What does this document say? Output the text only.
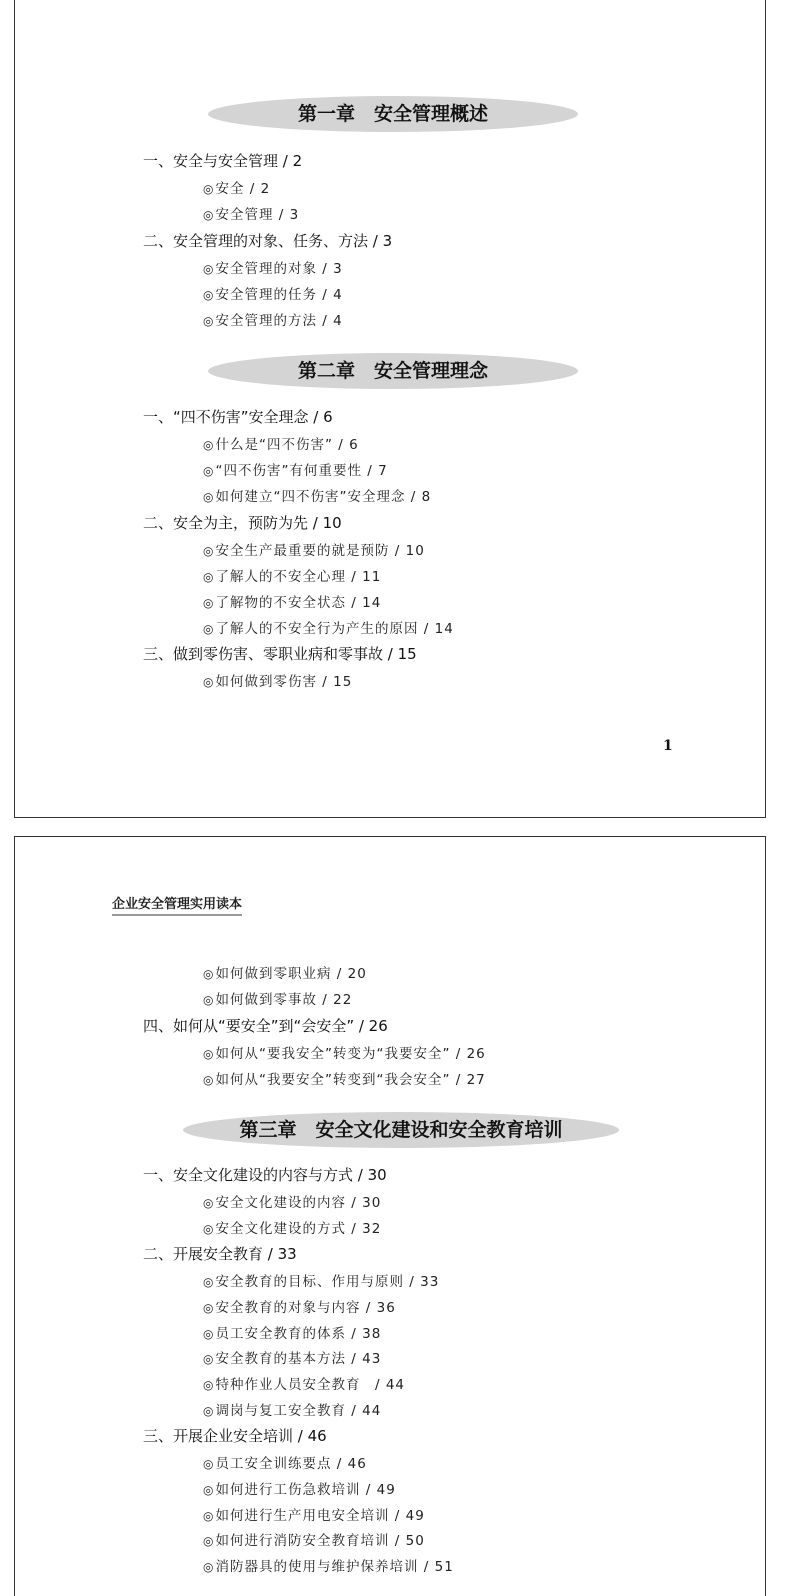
第一章　安全管理概述
一、安全与安全管理 / 2
◎安全 / 2
◎安全管理 / 3
二、安全管理的对象、任务、方法 / 3
◎安全管理的对象 / 3
◎安全管理的任务 / 4
◎安全管理的方法 / 4
第二章　安全管理理念
一、“四不伤害”安全理念 / 6
◎什么是“四不伤害” / 6
◎“四不伤害”有何重要性 / 7
◎如何建立“四不伤害”安全理念 / 8
二、安全为主，预防为先 / 10
◎安全生产最重要的就是预防 / 10
◎了解人的不安全心理 / 11
◎了解物的不安全状态 / 14
◎了解人的不安全行为产生的原因 / 14
三、做到零伤害、零职业病和零事故 / 15
◎如何做到零伤害 / 15
1
企业安全管理实用读本
◎如何做到零职业病 / 20
◎如何做到零事故 / 22
四、如何从“要安全”到“会安全” / 26
◎如何从“要我安全”转变为“我要安全” / 26
◎如何从“我要安全”转变到“我会安全” / 27
第三章　安全文化建设和安全教育培训
一、安全文化建设的内容与方式 / 30
◎安全文化建设的内容 / 30
◎安全文化建设的方式 / 32
二、开展安全教育 / 33
◎安全教育的目标、作用与原则 / 33
◎安全教育的对象与内容 / 36
◎员工安全教育的体系 / 38
◎安全教育的基本方法 / 43
◎特种作业人员安全教育　/ 44
◎调岗与复工安全教育 / 44
三、开展企业安全培训 / 46
◎员工安全训练要点 / 46
◎如何进行工伤急救培训 / 49
◎如何进行生产用电安全培训 / 49
◎如何进行消防安全教育培训 / 50
◎消防器具的使用与维护保养培训 / 51
